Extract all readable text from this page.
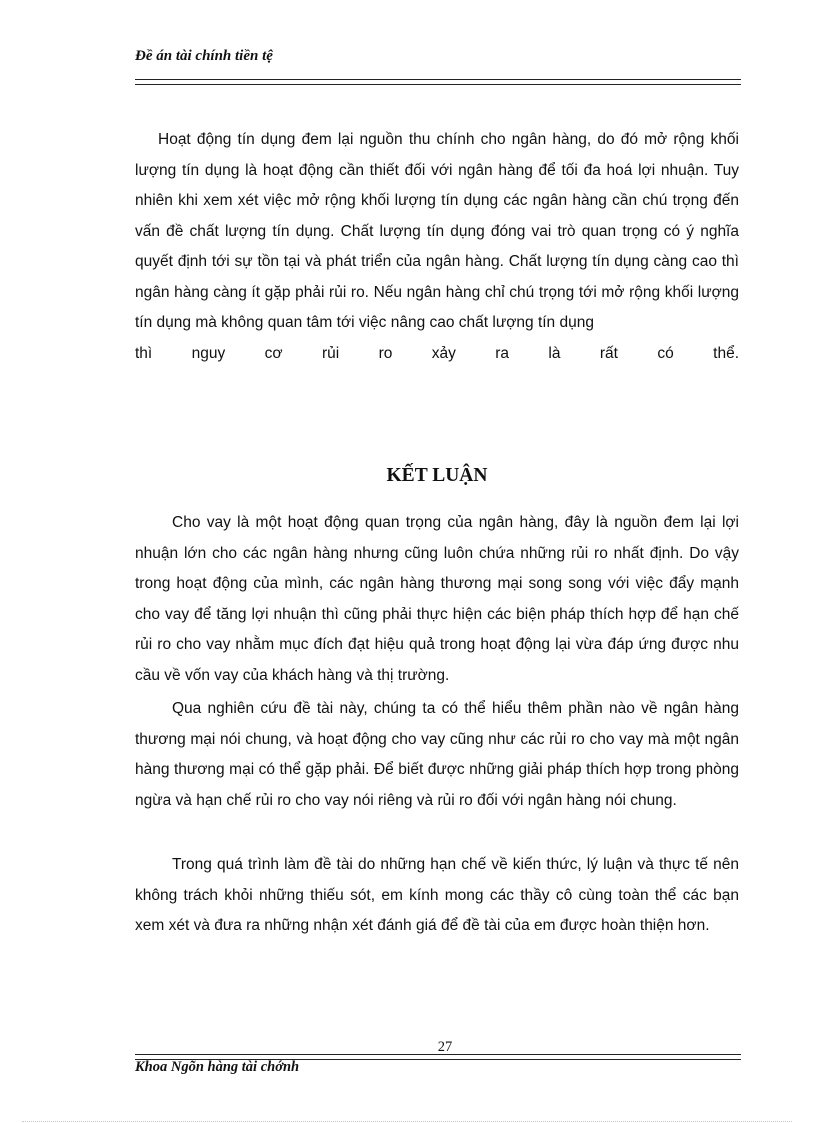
Đề án tài chính tiền tệ

Hoạt động tín dụng đem lại nguồn thu chính cho ngân hàng, do đó mở rộng khối lượng tín dụng là hoạt động cần thiết đối với ngân hàng để tối đa hoá lợi nhuận. Tuy nhiên khi xem xét việc mở rộng khối lượng tín dụng các ngân hàng cần chú trọng đến vấn đề chất lượng tín dụng. Chất lượng tín dụng đóng vai trò quan trọng có ý nghĩa quyết định tới sự tồn tại và phát triển của ngân hàng. Chất lượng tín dụng càng cao thì ngân hàng càng ít gặp phải rủi ro. Nếu ngân hàng chỉ chú trọng tới mở rộng khối lượng tín dụng mà không quan tâm tới việc nâng cao chất lượng tín dụng
thì nguy cơ rủi ro xảy ra là rất có thể.

KẾT LUẬN

Cho vay là một hoạt động quan trọng của ngân hàng, đây là nguồn đem lại lợi nhuận lớn cho các ngân hàng nhưng cũng luôn chứa những rủi ro nhất định. Do vậy trong hoạt động của mình, các ngân hàng thương mại song song với việc đẩy mạnh cho vay để tăng lợi nhuận thì cũng phải thực hiện các biện pháp thích hợp để hạn chế rủi ro cho vay nhằm mục đích đạt hiệu quả trong hoạt động lại vừa đáp ứng được nhu cầu về vốn vay của khách hàng và thị trường.

Qua nghiên cứu đề tài này, chúng ta có thể hiểu thêm phần nào về ngân hàng thương mại nói chung, và hoạt động cho vay cũng như các rủi ro cho vay mà một ngân hàng thương mại có thể gặp phải. Để biết được những giải pháp thích hợp trong phòng ngừa và hạn chế rủi ro cho vay nói riêng và rủi ro đối với ngân hàng nói chung.

Trong quá trình làm đề tài do những hạn chế về kiến thức, lý luận và thực tế nên không trách khỏi những thiếu sót, em kính mong các thầy cô cùng toàn thể các bạn xem xét và đưa ra những nhận xét đánh giá để đề tài của em được hoàn thiện hơn.

27
Khoa Ngõn hàng tài chớnh
